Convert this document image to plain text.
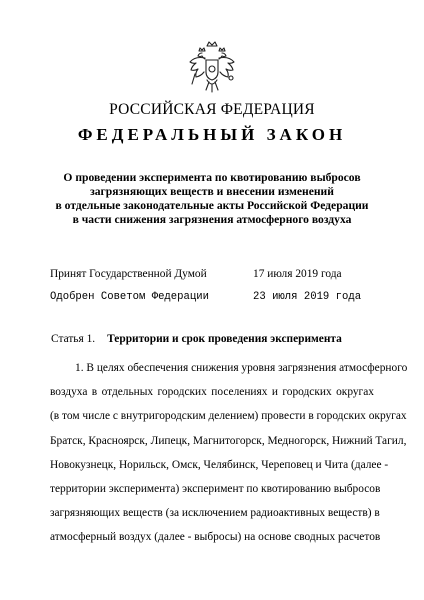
РОССИЙСКАЯ ФЕДЕРАЦИЯ
ФЕДЕРАЛЬНЫЙ ЗАКОН
О проведении эксперимента по квотированию выбросов
загрязняющих веществ и внесении изменений
в отдельные законодательные акты Российской Федерации
в части снижения загрязнения атмосферного воздуха
Принят Государственной Думой	17 июля 2019 года
Одобрен Советом Федерации	23 июля 2019 года
Статья 1. Территории и срок проведения эксперимента
1. В целях обеспечения снижения уровня загрязнения атмосферного
воздуха в отдельных городских поселениях и городских округах
(в том числе с внутригородским делением) провести в городских округах
Братск, Красноярск, Липецк, Магнитогорск, Медногорск, Нижний Тагил,
Новокузнецк, Норильск, Омск, Челябинск, Череповец и Чита (далее -
территории эксперимента) эксперимент по квотированию выбросов
загрязняющих веществ (за исключением радиоактивных веществ) в
атмосферный воздух (далее - выбросы) на основе сводных расчетов
